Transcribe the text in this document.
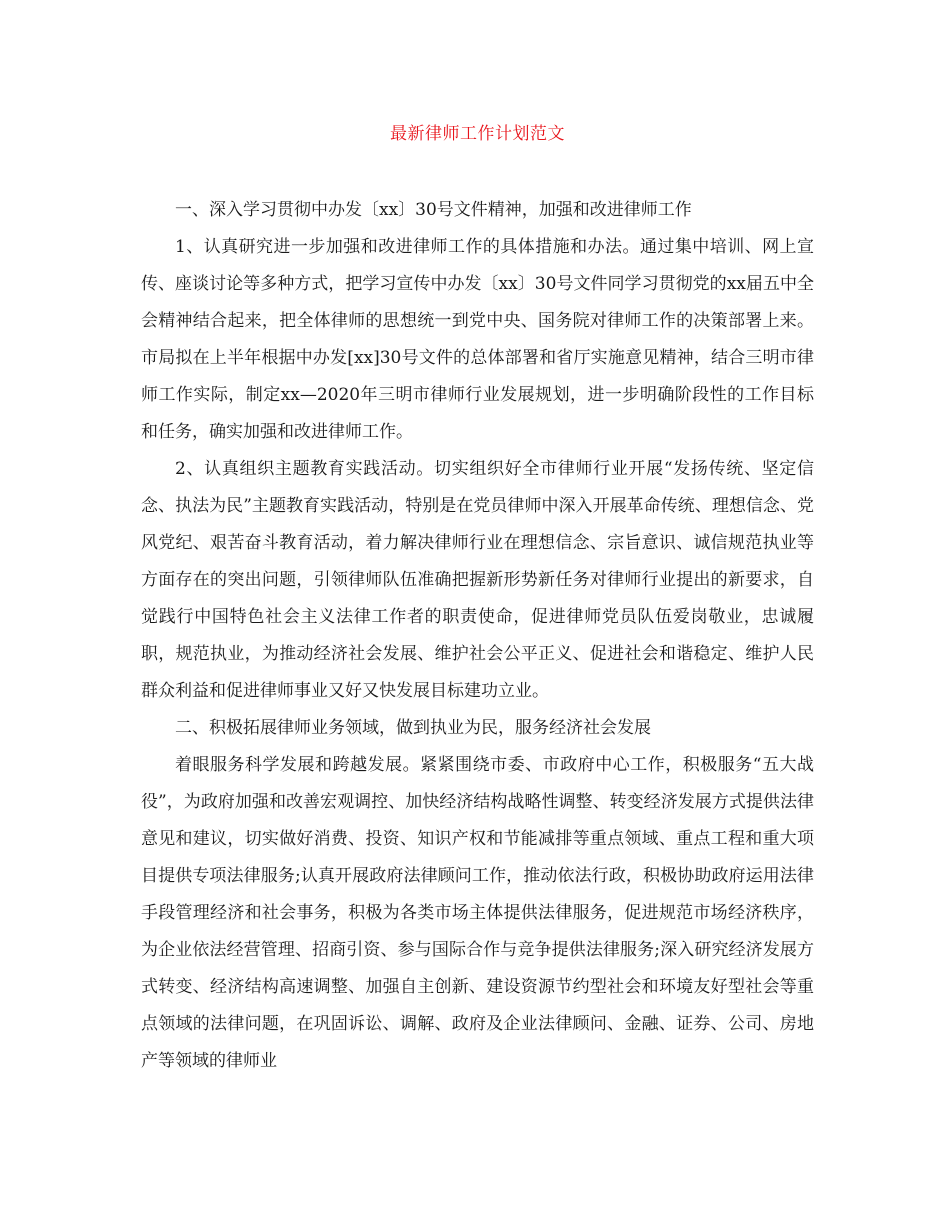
最新律师工作计划范文
一、深入学习贯彻中办发〔xx〕30号文件精神，加强和改进律师工作

1、认真研究进一步加强和改进律师工作的具体措施和办法。通过集中培训、网上宣传、座谈讨论等多种方式，把学习宣传中办发〔xx〕30号文件同学习贯彻党的xx届五中全会精神结合起来，把全体律师的思想统一到党中央、国务院对律师工作的决策部署上来。市局拟在上半年根据中办发[xx]30号文件的总体部署和省厅实施意见精神，结合三明市律师工作实际，制定xx—2020年三明市律师行业发展规划，进一步明确阶段性的工作目标和任务，确实加强和改进律师工作。

2、认真组织主题教育实践活动。切实组织好全市律师行业开展“发扬传统、坚定信念、执法为民”主题教育实践活动，特别是在党员律师中深入开展革命传统、理想信念、党风党纪、艰苦奋斗教育活动，着力解决律师行业在理想信念、宗旨意识、诚信规范执业等方面存在的突出问题，引领律师队伍准确把握新形势新任务对律师行业提出的新要求，自觉践行中国特色社会主义法律工作者的职责使命，促进律师党员队伍爱岗敬业，忠诚履职，规范执业，为推动经济社会发展、维护社会公平正义、促进社会和谐稳定、维护人民群众利益和促进律师事业又好又快发展目标建功立业。

二、积极拓展律师业务领域，做到执业为民，服务经济社会发展

着眼服务科学发展和跨越发展。紧紧围绕市委、市政府中心工作，积极服务“五大战役”，为政府加强和改善宏观调控、加快经济结构战略性调整、转变经济发展方式提供法律意见和建议，切实做好消费、投资、知识产权和节能减排等重点领域、重点工程和重大项目提供专项法律服务;认真开展政府法律顾问工作，推动依法行政，积极协助政府运用法律手段管理经济和社会事务，积极为各类市场主体提供法律服务，促进规范市场经济秩序，为企业依法经营管理、招商引资、参与国际合作与竞争提供法律服务;深入研究经济发展方式转变、经济结构高速调整、加强自主创新、建设资源节约型社会和环境友好型社会等重点领域的法律问题，在巩固诉讼、调解、政府及企业法律顾问、金融、证券、公司、房地产等领域的律师业
